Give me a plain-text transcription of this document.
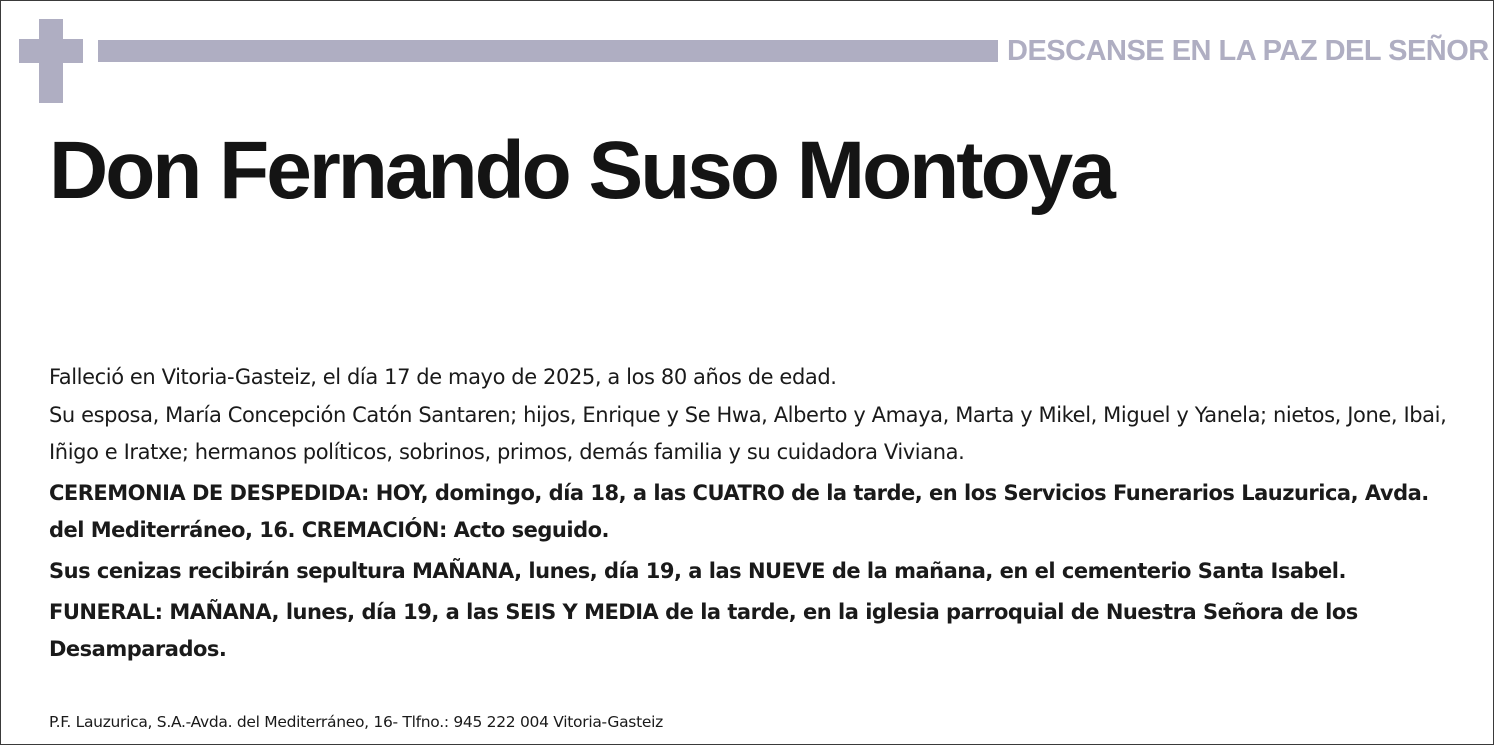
DESCANSE EN LA PAZ DEL SEÑOR
Don Fernando Suso Montoya

Falleció en Vitoria-Gasteiz, el día 17 de mayo de 2025, a los 80 años de edad.

Su esposa, María Concepción Catón Santaren; hijos, Enrique y Se Hwa, Alberto y Amaya, Marta y Mikel, Miguel y Yanela; nietos, Jone, Ibai, Iñigo e Iratxe; hermanos políticos, sobrinos, primos, demás familia y su cuidadora Viviana.

CEREMONIA DE DESPEDIDA: HOY, domingo, día 18, a las CUATRO de la tarde, en los Servicios Funerarios Lauzurica, Avda. del Mediterráneo, 16. CREMACIÓN: Acto seguido.

Sus cenizas recibirán sepultura MAÑANA, lunes, día 19, a las NUEVE de la mañana, en el cementerio Santa Isabel.

FUNERAL: MAÑANA, lunes, día 19, a las SEIS Y MEDIA de la tarde, en la iglesia parroquial de Nuestra Señora de los Desamparados.

P.F. Lauzurica, S.A.-Avda. del Mediterráneo, 16- Tlfno.: 945 222 004 Vitoria-Gasteiz
